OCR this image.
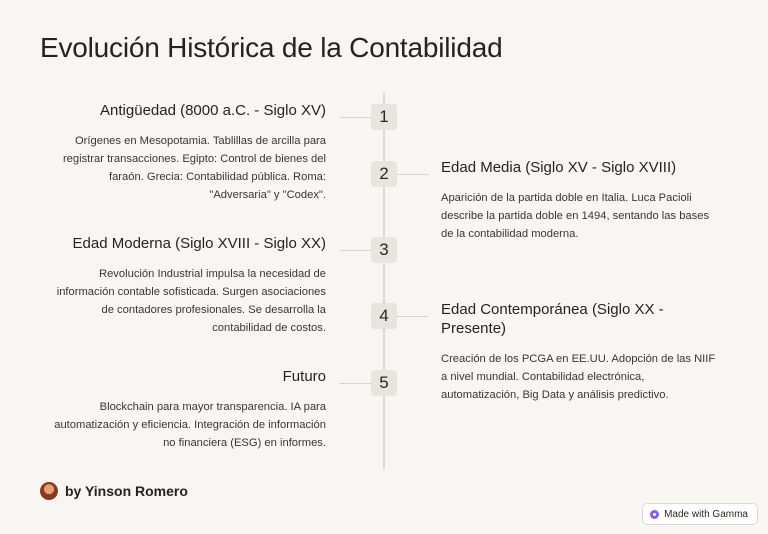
Evolución Histórica de la Contabilidad
1
Antigüedad (8000 a.C. - Siglo XV)

Orígenes en Mesopotamia. Tablillas de arcilla para registrar transacciones. Egipto: Control de bienes del faraón. Grecia: Contabilidad pública. Roma: "Adversaria" y "Codex".

2	Edad Media (Siglo XV - Siglo XVIII)

Aparición de la partida doble en Italia. Luca Pacioli describe la partida doble en 1494, sentando las bases de la contabilidad moderna.

3
Edad Moderna (Siglo XVIII - Siglo XX)

Revolución Industrial impulsa la necesidad de información contable sofisticada. Surgen asociaciones de contadores profesionales. Se desarrolla la contabilidad de costos.

4	Edad Contemporánea (Siglo XX - Presente)

Creación de los PCGA en EE.UU. Adopción de las NIIF a nivel mundial. Contabilidad electrónica, automatización, Big Data y análisis predictivo.

5
Futuro

Blockchain para mayor transparencia. IA para automatización y eficiencia. Integración de información no financiera (ESG) en informes.

by Yinson Romero
Made with Gamma
